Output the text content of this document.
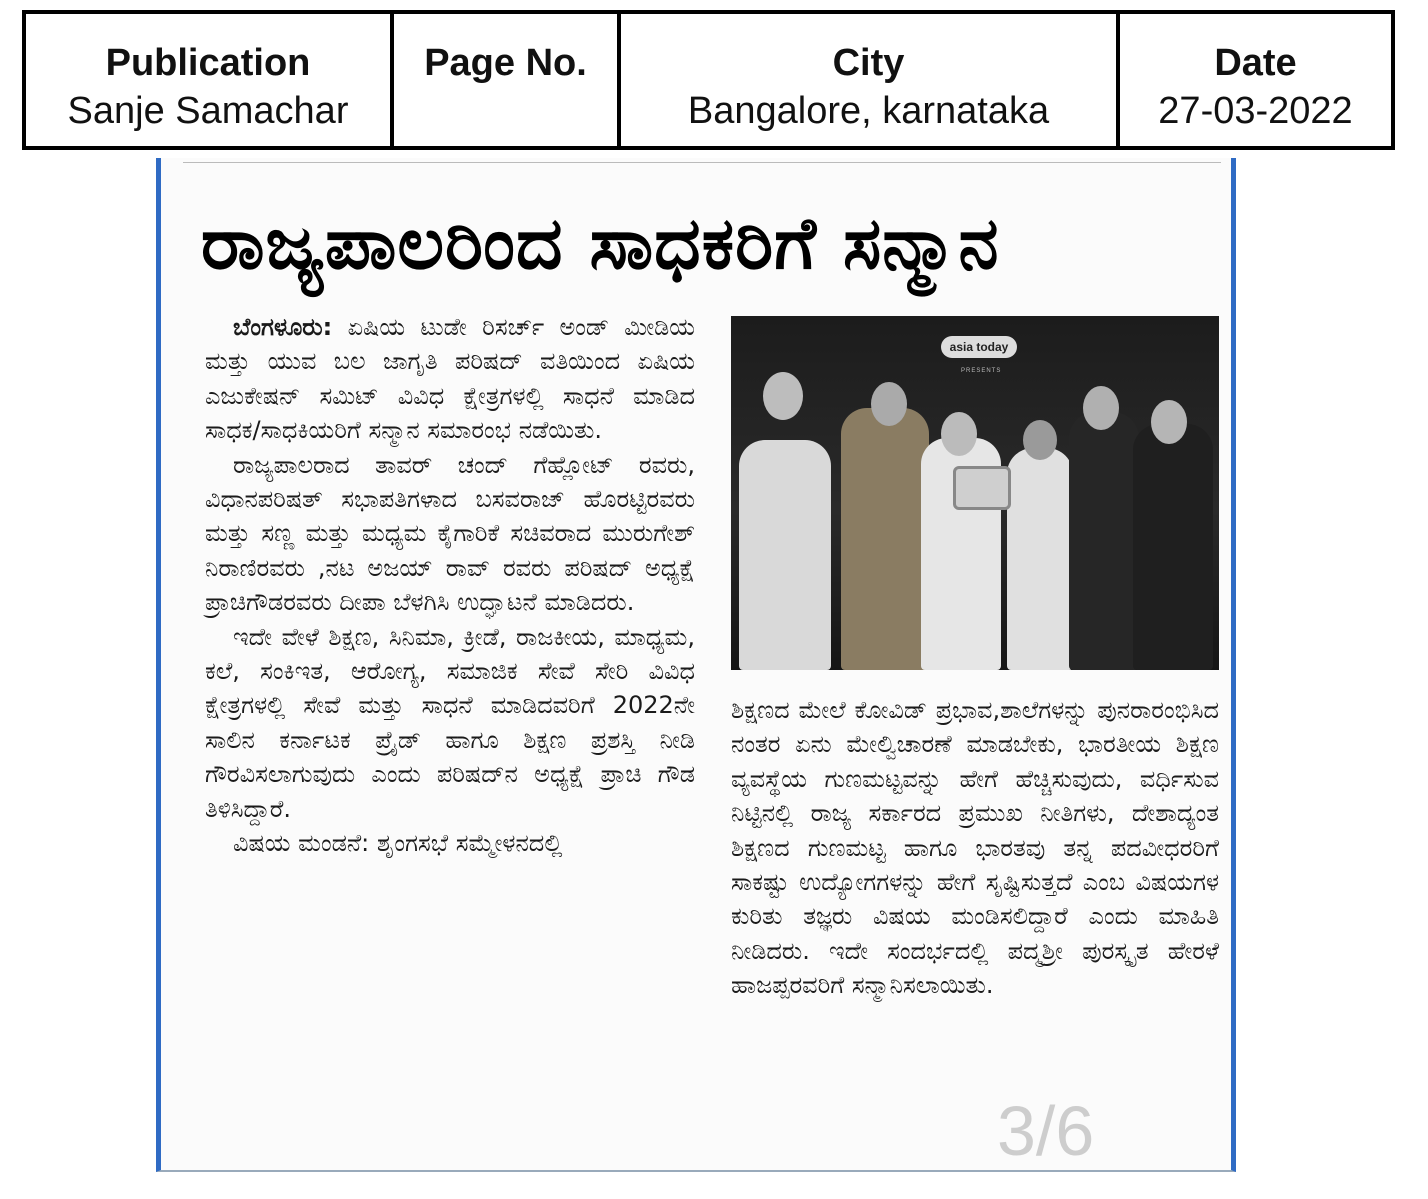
Publication
Sanje Samachar
Page No.	City
Bangalore, karnataka
Date
27-03-2022
ರಾಜ್ಯಪಾಲರಿಂದ ಸಾಧಕರಿಗೆ ಸನ್ಮಾನ

ಬೆಂಗಳೂರು: ಏಷಿಯ ಟುಡೇ ರಿಸರ್ಚ್ ಅಂಡ್ ಮೀಡಿಯ ಮತ್ತು ಯುವ ಬಲ ಜಾಗೃತಿ ಪರಿಷದ್ ವತಿಯಿಂದ ಏಷಿಯ ಎಜುಕೇಷನ್ ಸಮಿಟ್ ವಿವಿಧ ಕ್ಷೇತ್ರಗಳಲ್ಲಿ ಸಾಧನೆ ಮಾಡಿದ ಸಾಧಕ/ಸಾಧಕಿಯರಿಗೆ ಸನ್ಮಾನ ಸಮಾರಂಭ ನಡೆಯಿತು.

ರಾಜ್ಯಪಾಲರಾದ ತಾವರ್ ಚಂದ್ ಗೆಹ್ಲೋಟ್ ರವರು, ವಿಧಾನಪರಿಷತ್ ಸಭಾಪತಿಗಳಾದ ಬಸವರಾಜ್ ಹೊರಟ್ಟಿರವರು ಮತ್ತು ಸಣ್ಣ ಮತ್ತು ಮಧ್ಯಮ ಕೈಗಾರಿಕೆ ಸಚಿವರಾದ ಮುರುಗೇಶ್ ನಿರಾಣಿರವರು ,ನಟ ಅಜಯ್ ರಾವ್ ರವರು ಪರಿಷದ್ ಅಧ್ಯಕ್ಷೆ ಪ್ರಾಚಿಗೌಡರವರು ದೀಪಾ ಬೆಳಗಿಸಿ ಉದ್ಘಾಟನೆ ಮಾಡಿದರು.

ಇದೇ ವೇಳೆ ಶಿಕ್ಷಣ, ಸಿನಿಮಾ, ಕ್ರೀಡೆ, ರಾಜಕೀಯ, ಮಾಧ್ಯಮ, ಕಲೆ, ಸಂಕಿಇತ, ಆರೋಗ್ಯ, ಸಮಾಜಿಕ ಸೇವೆ ಸೇರಿ ವಿವಿಧ ಕ್ಷೇತ್ರಗಳಲ್ಲಿ ಸೇವೆ ಮತ್ತು ಸಾಧನೆ ಮಾಡಿದವರಿಗೆ 2022ನೇ ಸಾಲಿನ ಕರ್ನಾಟಕ ಪ್ರೈಡ್ ಹಾಗೂ ಶಿಕ್ಷಣ ಪ್ರಶಸ್ತಿ ನೀಡಿ ಗೌರವಿಸಲಾಗುವುದು ಎಂದು ಪರಿಷದ್‌ನ ಅಧ್ಯಕ್ಷೆ ಪ್ರಾಚಿ ಗೌಡ ತಿಳಿಸಿದ್ದಾರೆ.

ವಿಷಯ ಮಂಡನೆ: ಶೃಂಗಸಭೆ ಸಮ್ಮೇಳನದಲ್ಲಿ

asia today
PRESENTS

ಶಿಕ್ಷಣದ ಮೇಲೆ ಕೋವಿಡ್ ಪ್ರಭಾವ,ಶಾಲೆಗಳನ್ನು ಪುನರಾರಂಭಿಸಿದ ನಂತರ ಏನು ಮೇಲ್ವಿಚಾರಣೆ ಮಾಡಬೇಕು, ಭಾರತೀಯ ಶಿಕ್ಷಣ ವ್ಯವಸ್ಥೆಯ ಗುಣಮಟ್ಟವನ್ನು ಹೇಗೆ ಹೆಚ್ಚಿಸುವುದು, ವರ್ಧಿಸುವ ನಿಟ್ಟಿನಲ್ಲಿ ರಾಜ್ಯ ಸರ್ಕಾರದ ಪ್ರಮುಖ ನೀತಿಗಳು, ದೇಶಾದ್ಯಂತ ಶಿಕ್ಷಣದ ಗುಣಮಟ್ಟ ಹಾಗೂ ಭಾರತವು ತನ್ನ ಪದವೀಧರರಿಗೆ ಸಾಕಷ್ಟು ಉದ್ಯೋಗಗಳನ್ನು ಹೇಗೆ ಸೃಷ್ಟಿಸುತ್ತದೆ ಎಂಬ ವಿಷಯಗಳ ಕುರಿತು ತಜ್ಞರು ವಿಷಯ ಮಂಡಿಸಲಿದ್ದಾರೆ ಎಂದು ಮಾಹಿತಿ ನೀಡಿದರು. ಇದೇ ಸಂದರ್ಭದಲ್ಲಿ ಪದ್ಮಶ್ರೀ ಪುರಸ್ಕೃತ ಹೇರಳೆ ಹಾಜಪ್ಪರವರಿಗೆ ಸನ್ಮಾನಿಸಲಾಯಿತು.

3/6
